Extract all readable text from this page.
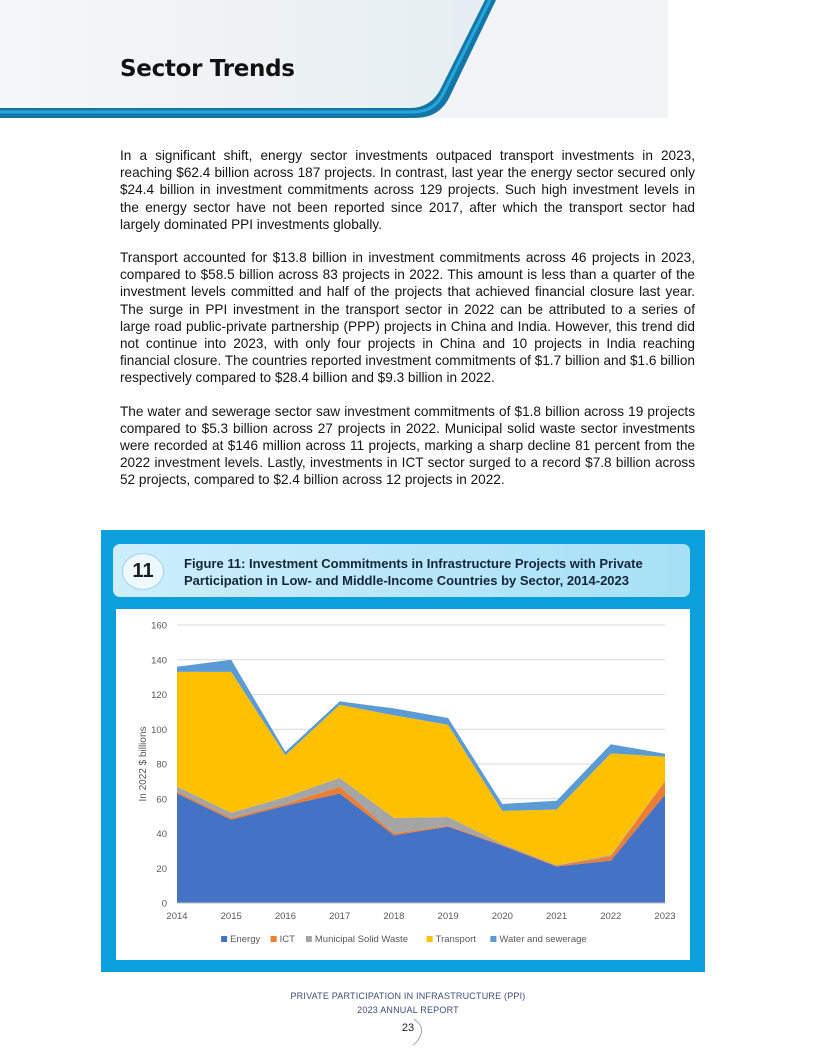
Sector Trends

In a significant shift, energy sector investments outpaced transport investments in 2023, reaching $62.4 billion across 187 projects. In contrast, last year the energy sector secured only $24.4 billion in investment commitments across 129 projects. Such high investment levels in the energy sector have not been reported since 2017, after which the transport sector had largely dominated PPI investments globally.

Transport accounted for $13.8 billion in investment commitments across 46 projects in 2023, compared to $58.5 billion across 83 projects in 2022. This amount is less than a quarter of the investment levels committed and half of the projects that achieved financial closure last year. The surge in PPI investment in the transport sector in 2022 can be attributed to a series of large road public-private partnership (PPP) projects in China and India. However, this trend did not continue into 2023, with only four projects in China and 10 projects in India reaching financial closure. The countries reported investment commitments of $1.7 billion and $1.6 billion respectively compared to $28.4 billion and $9.3 billion in 2022.

The water and sewerage sector saw investment commitments of $1.8 billion across 19 projects compared to $5.3 billion across 27 projects in 2022. Municipal solid waste sector investments were recorded at $146 million across 11 projects, marking a sharp decline 81 percent from the 2022 investment levels. Lastly, investments in ICT sector surged to a record $7.8 billion across 52 projects, compared to $2.4 billion across 12 projects in 2022.

11	Figure 11: Investment Commitments in Infrastructure Projects with Private Participation in Low- and Middle-Income Countries by Sector, 2014-2023
0
20
40
60
80
100
120
140
160
2014	2015	2016	2017	2018	2019	2020	2021	2022	2023
In 2022 $ billions
Energy ICT Municipal Solid Waste	Transport Water and sewerage
PRIVATE PARTICIPATION IN INFRASTRUCTURE (PPI)
2023 ANNUAL REPORT
23
